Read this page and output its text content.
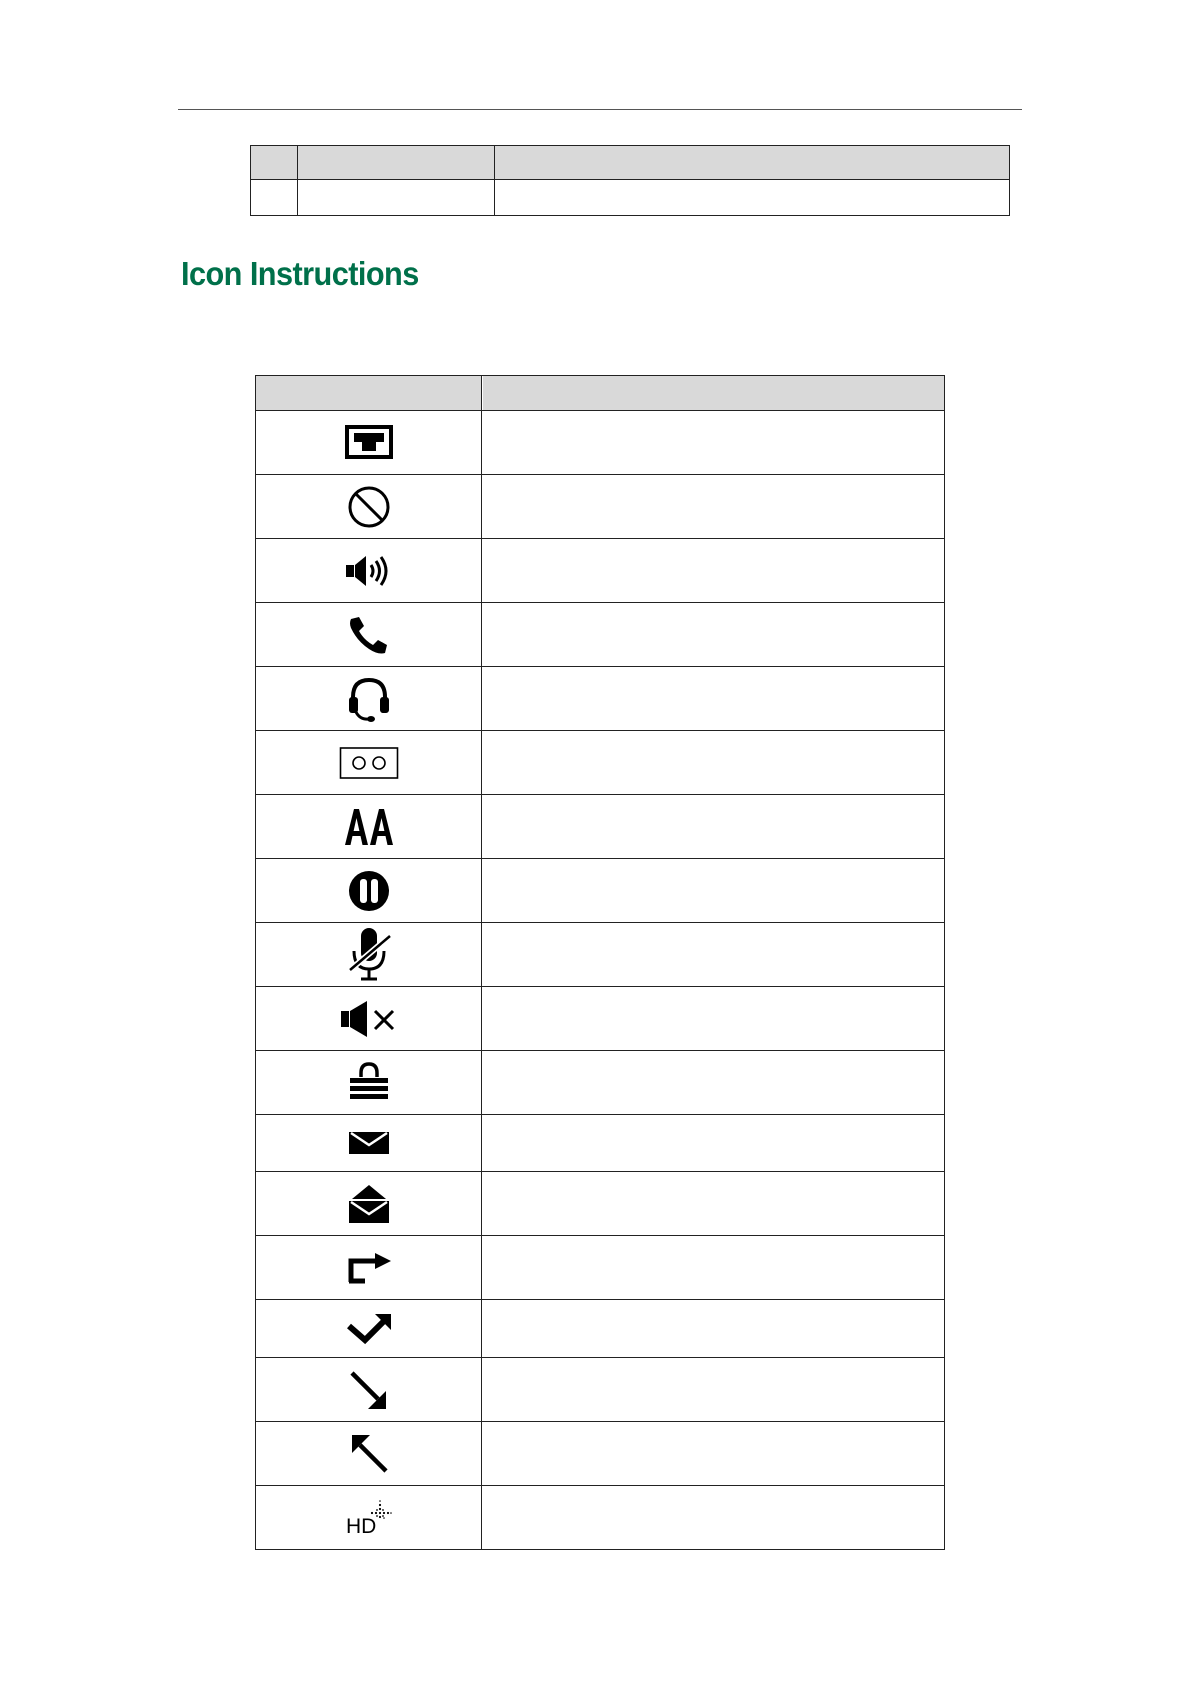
Icon Instructions

HD	
